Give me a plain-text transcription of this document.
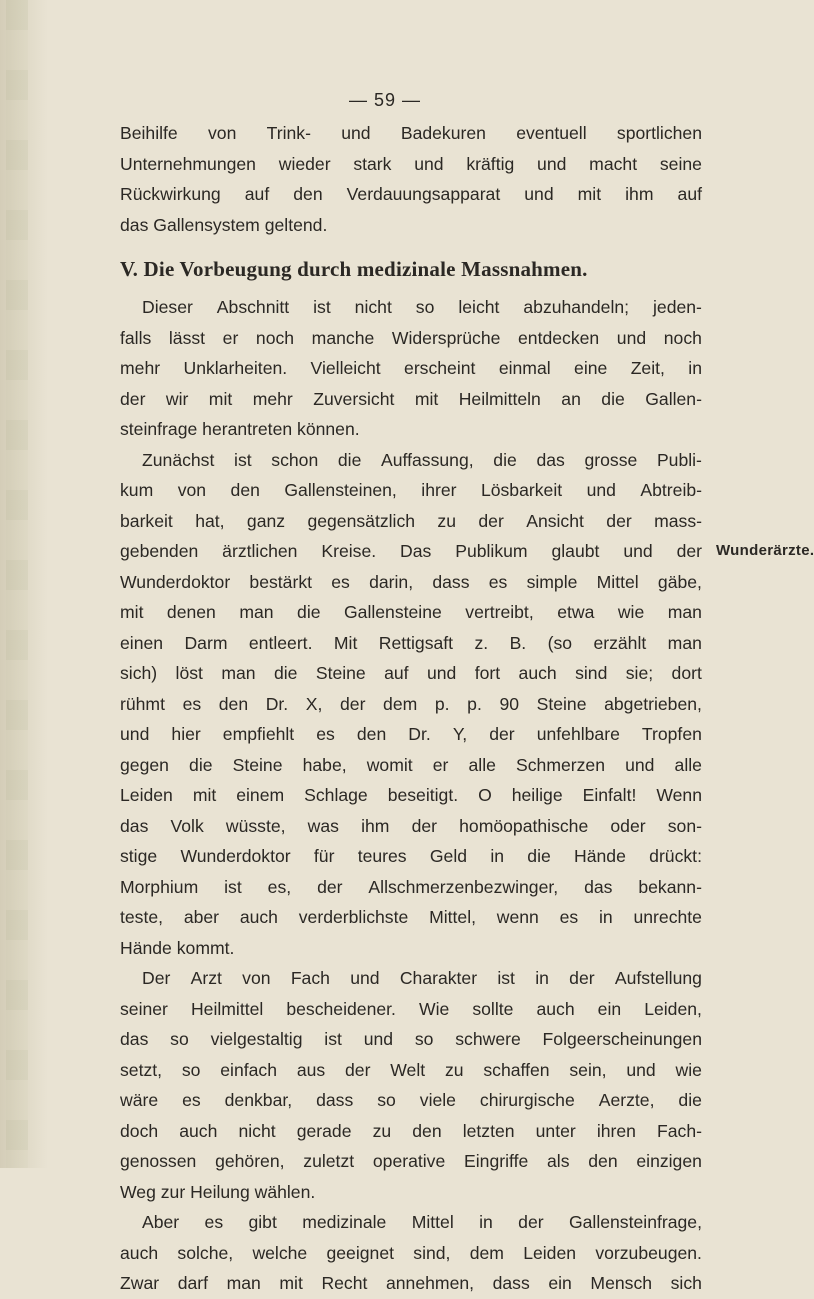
— 59 —
Beihilfe von Trink- und Badekuren eventuell sportlichen
Unternehmungen wieder stark und kräftig und macht seine
Rückwirkung auf den Verdauungsapparat und mit ihm auf
das Gallensystem geltend.
V. Die Vorbeugung durch medizinale Massnahmen.
Dieser Abschnitt ist nicht so leicht abzuhandeln; jeden-
falls lässt er noch manche Widersprüche entdecken und noch
mehr Unklarheiten. Vielleicht erscheint einmal eine Zeit, in
der wir mit mehr Zuversicht mit Heilmitteln an die Gallen-
steinfrage herantreten können.
Zunächst ist schon die Auffassung, die das grosse Publi-
kum von den Gallensteinen, ihrer Lösbarkeit und Abtreib-
barkeit hat, ganz gegensätzlich zu der Ansicht der mass-
gebenden ärztlichen Kreise. Das Publikum glaubt und der Wunderärzte.
Wunderdoktor bestärkt es darin, dass es simple Mittel gäbe,
mit denen man die Gallensteine vertreibt, etwa wie man
einen Darm entleert. Mit Rettigsaft z. B. (so erzählt man
sich) löst man die Steine auf und fort auch sind sie; dort
rühmt es den Dr. X, der dem p. p. 90 Steine abgetrieben,
und hier empfiehlt es den Dr. Y, der unfehlbare Tropfen
gegen die Steine habe, womit er alle Schmerzen und alle
Leiden mit einem Schlage beseitigt. O heilige Einfalt! Wenn
das Volk wüsste, was ihm der homöopathische oder son-
stige Wunderdoktor für teures Geld in die Hände drückt:
Morphium ist es, der Allschmerzenbezwinger, das bekann-
teste, aber auch verderblichste Mittel, wenn es in unrechte
Hände kommt.
Der Arzt von Fach und Charakter ist in der Aufstellung
seiner Heilmittel bescheidener. Wie sollte auch ein Leiden,
das so vielgestaltig ist und so schwere Folgeerscheinungen
setzt, so einfach aus der Welt zu schaffen sein, und wie
wäre es denkbar, dass so viele chirurgische Aerzte, die
doch auch nicht gerade zu den letzten unter ihren Fach-
genossen gehören, zuletzt operative Eingriffe als den einzigen
Weg zur Heilung wählen.
Aber es gibt medizinale Mittel in der Gallensteinfrage,
auch solche, welche geeignet sind, dem Leiden vorzubeugen.
Zwar darf man mit Recht annehmen, dass ein Mensch sich
